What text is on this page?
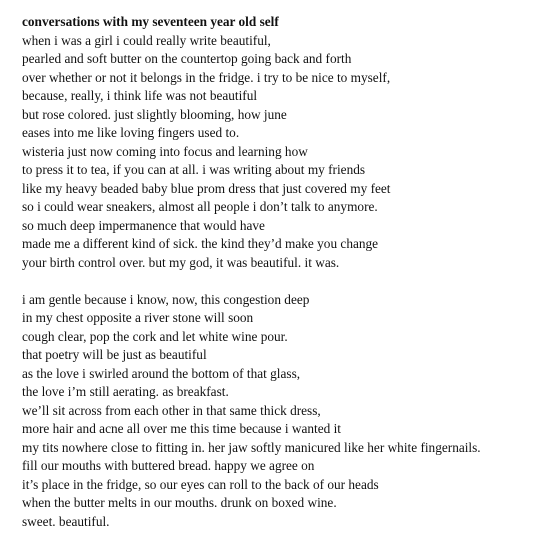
conversations with my seventeen year old self
when i was a girl i could really write beautiful,
pearled and soft butter on the countertop going back and forth
over whether or not it belongs in the fridge. i try to be nice to myself,
because, really, i think life was not beautiful
but rose colored. just slightly blooming, how june
eases into me like loving fingers used to.
wisteria just now coming into focus and learning how
to press it to tea, if you can at all. i was writing about my friends
like my heavy beaded baby blue prom dress that just covered my feet
so i could wear sneakers, almost all people i don’t talk to anymore.
so much deep impermanence that would have
made me a different kind of sick. the kind they’d make you change
your birth control over. but my god, it was beautiful. it was.
i am gentle because i know, now, this congestion deep
in my chest opposite a river stone will soon
cough clear, pop the cork and let white wine pour.
that poetry will be just as beautiful
as the love i swirled around the bottom of that glass,
the love i’m still aerating. as breakfast.
we’ll sit across from each other in that same thick dress,
more hair and acne all over me this time because i wanted it
my tits nowhere close to fitting in. her jaw softly manicured like her white fingernails.
fill our mouths with buttered bread. happy we agree on
it’s place in the fridge, so our eyes can roll to the back of our heads
when the butter melts in our mouths. drunk on boxed wine.
sweet. beautiful.
